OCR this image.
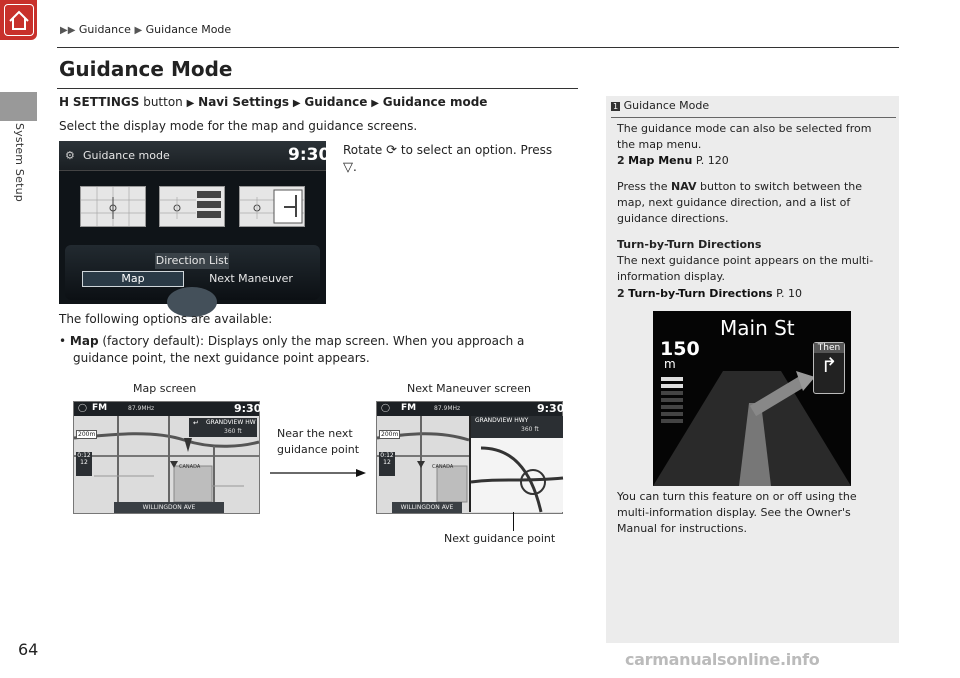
System Setup
▶▶ Guidance ▶ Guidance Mode
Guidance Mode
H SETTINGS button ▶ Navi Settings ▶ Guidance ▶ Guidance mode
Select the display mode for the map and guidance screens.
⚙ Guidance mode	9:30
Direction List
Map	Next Maneuver
Rotate ⟳ to select an option. Press
▽.
The following options are available:
• Map (factory default): Displays only the map screen. When you approach a
guidance point, the next guidance point appears.
Map screen	Next Maneuver screen
◯ FM	87.9MHz	9:30
↵ GRANDVIEW HW
360 ft
200m
0:12
12
CANADA
WILLINGDON AVE
Near the next
guidance point
◯ FM	87.9MHz	9:30
200m
0:12
12
CANADA
WILLINGDON AVE
GRANDVIEW HWY
360 ft
Next guidance point
1 Guidance Mode
The guidance mode can also be selected from
the map menu.
2 Map Menu P. 120
Press the NAV button to switch between the
map, next guidance direction, and a list of
guidance directions.
Turn-by-Turn Directions
The next guidance point appears on the multi-
information display.
2 Turn-by-Turn Directions P. 10
Main St
150
m
Then
↱
You can turn this feature on or off using the
multi-information display. See the Owner's
Manual for instructions.
64
carmanualsonline.info
